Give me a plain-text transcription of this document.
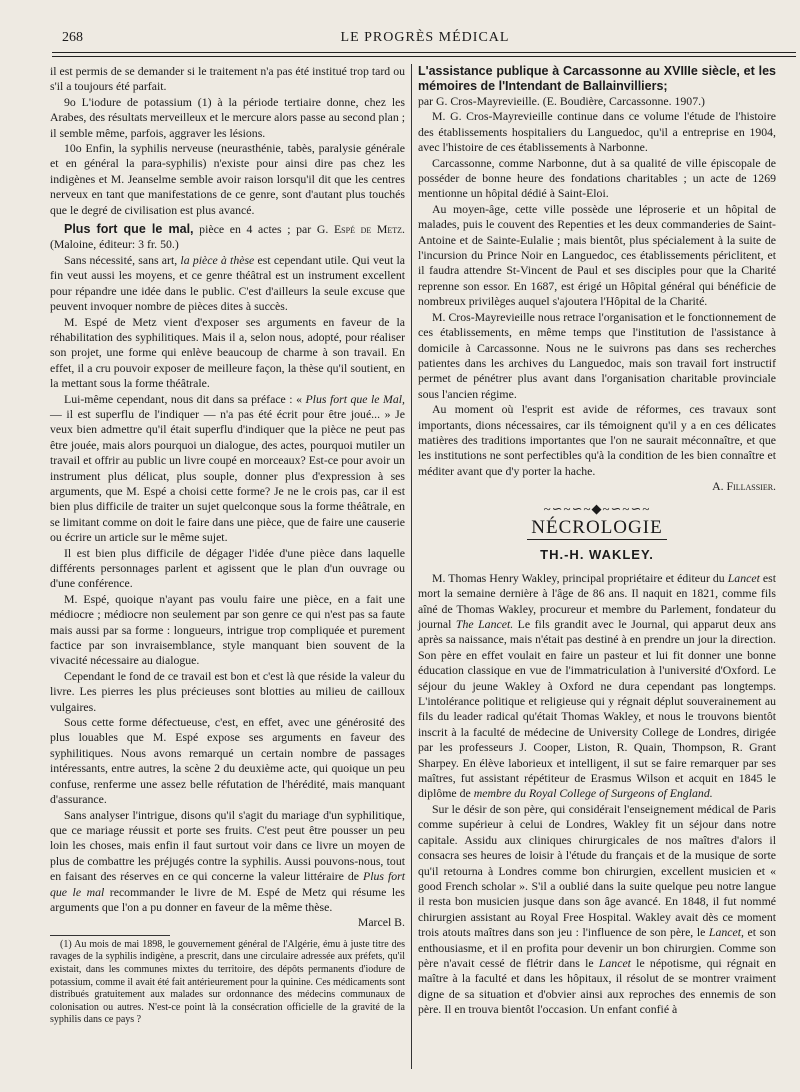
268	LE PROGRÈS MÉDICAL

il est permis de se demander si le traitement n'a pas été institué trop tard ou s'il a toujours été parfait.

9o L'iodure de potassium (1) à la période tertiaire donne, chez les Arabes, des résultats merveilleux et le mercure alors passe au second plan ; il semble même, parfois, aggraver les lésions.

10o Enfin, la syphilis nerveuse (neurasthénie, tabès, paralysie générale et en général la para-syphilis) n'existe pour ainsi dire pas chez les indigènes et M. Jeanselme semble avoir raison lorsqu'il dit que les centres nerveux en tant que manifestations de ce genre, sont d'autant plus touchés que le degré de civilisation est plus avancé.

Plus fort que le mal, pièce en 4 actes ; par G. Espé de Metz. (Maloine, éditeur: 3 fr. 50.)

Sans nécessité, sans art, la pièce à thèse est cependant utile. Qui veut la fin veut aussi les moyens, et ce genre théâtral est un instrument excellent pour répandre une idée dans le public. C'est d'ailleurs la seule excuse que peuvent invoquer nombre de pièces dites à succès.

M. Espé de Metz vient d'exposer ses arguments en faveur de la réhabilitation des syphilitiques. Mais il a, selon nous, adopté, pour réaliser son projet, une forme qui enlève beaucoup de charme à son travail. En effet, il a cru pouvoir exposer de meilleure façon, la thèse qu'il soutient, en la mettant sous la forme théâtrale.

Lui-même cependant, nous dit dans sa préface : « Plus fort que le Mal, — il est superflu de l'indiquer — n'a pas été écrit pour être joué... » Je veux bien admettre qu'il était superflu d'indiquer que la pièce ne peut pas être jouée, mais alors pourquoi un dialogue, des actes, pourquoi mutiler un travail et offrir au public un livre coupé en morceaux? Est-ce pour avoir un instrument plus délicat, plus souple, donner plus d'expression à ses arguments, que M. Espé a choisi cette forme? Je ne le crois pas, car il est bien plus difficile de traiter un sujet quelconque sous la forme théâtrale, en se limitant comme on doit le faire dans une pièce, que de faire une causerie ou écrire un article sur le même sujet.

Il est bien plus difficile de dégager l'idée d'une pièce dans laquelle différents personnages parlent et agissent que le plan d'un ouvrage ou d'une conférence.

M. Espé, quoique n'ayant pas voulu faire une pièce, en a fait une médiocre ; médiocre non seulement par son genre ce qui n'est pas sa faute mais aussi par sa forme : longueurs, intrigue trop compliquée et purement factice par son invraisemblance, style manquant bien souvent de la vivacité nécessaire au dialogue.

Cependant le fond de ce travail est bon et c'est là que réside la valeur du livre. Les pierres les plus précieuses sont blotties au milieu de cailloux vulgaires.

Sous cette forme défectueuse, c'est, en effet, avec une générosité des plus louables que M. Espé expose ses arguments en faveur des syphilitiques. Nous avons remarqué un certain nombre de passages intéressants, entre autres, la scène 2 du deuxième acte, qui quoique un peu confuse, renferme une assez belle réfutation de l'hérédité, mais manquant d'assurance.

Sans analyser l'intrigue, disons qu'il s'agit du mariage d'un syphilitique, que ce mariage réussit et porte ses fruits. C'est peut être pousser un peu loin les choses, mais enfin il faut surtout voir dans ce livre un moyen de plus de combattre les préjugés contre la syphilis. Aussi pouvons-nous, tout en faisant des réserves en ce qui concerne la valeur littéraire de Plus fort que le mal recommander le livre de M. Espé de Metz qui résume les arguments que l'on a pu donner en faveur de la même thèse.

Marcel B.

(1) Au mois de mai 1898, le gouvernement général de l'Algérie, ému à juste titre des ravages de la syphilis indigène, a prescrit, dans une circulaire adressée aux préfets, qu'il existait, dans les communes mixtes du territoire, des dépôts permanents d'iodure de potassium, comme il avait été fait antérieurement pour la quinine. Ces médicaments sont distribués gratuitement aux malades sur ordonnance des médecins communaux de colonisation ou autres. N'est-ce point là la consécration officielle de la gravité de la syphilis dans ce pays ?

L'assistance publique à Carcassonne au XVIIIe siècle, et les mémoires de l'Intendant de Ballainvilliers;

par G. Cros-Mayrevieille. (E. Boudière, Carcassonne. 1907.)

M. G. Cros-Mayrevieille continue dans ce volume l'étude de l'histoire des établissements hospitaliers du Languedoc, qu'il a entreprise en 1904, avec l'histoire de ces établissements à Narbonne.

Carcassonne, comme Narbonne, dut à sa qualité de ville épiscopale de posséder de bonne heure des fondations charitables ; un acte de 1269 mentionne un hôpital dédié à Saint-Eloi.

Au moyen-âge, cette ville possède une léproserie et un hôpital de malades, puis le couvent des Repenties et les deux commanderies de Saint-Antoine et de Sainte-Eulalie ; mais bientôt, plus spécialement à la suite de l'incursion du Prince Noir en Languedoc, ces établissements périclitent, et il faudra attendre St-Vincent de Paul et ses disciples pour que la Charité reprenne son essor. En 1687, est érigé un Hôpital général qui bénéficie de nombreux privilèges auquel s'ajoutera l'Hôpital de la Charité.

M. Cros-Mayrevieille nous retrace l'organisation et le fonctionnement de ces établissements, en même temps que l'institution de l'assistance à domicile à Carcassonne. Nous ne le suivrons pas dans ses recherches patientes dans les archives du Languedoc, mais son travail fort instructif permet de pénétrer plus avant dans l'organisation charitable provinciale sous l'ancien régime.

Au moment où l'esprit est avide de réformes, ces travaux sont importants, dions nécessaires, car ils témoignent qu'il y a en ces délicates matières des traditions importantes que l'on ne saurait méconnaître, et que les institutions ne sont perfectibles qu'à la condition de les bien connaître et méditer avant que d'y porter la hache.

A. Fillassier.

~∽~∽~◆~∽~∽~
NÉCROLOGIE
TH.-H. WAKLEY.

M. Thomas Henry Wakley, principal propriétaire et éditeur du Lancet est mort la semaine dernière à l'âge de 86 ans. Il naquit en 1821, comme fils aîné de Thomas Wakley, procureur et membre du Parlement, fondateur du journal The Lancet. Le fils grandit avec le Journal, qui apparut deux ans après sa naissance, mais n'était pas destiné à en prendre un jour la direction. Son père en effet voulait en faire un pasteur et lui fit donner une bonne éducation classique en vue de l'immatriculation à l'université d'Oxford. Le séjour du jeune Wakley à Oxford ne dura cependant pas longtemps. L'intolérance politique et religieuse qui y régnait déplut souverainement au fils du leader radical qu'était Thomas Wakley, et nous le trouvons bientôt inscrit à la faculté de médecine de University College de Londres, dirigée par les professeurs J. Cooper, Liston, R. Quain, Thompson, R. Grant Sharpey. En élève laborieux et intelligent, il sut se faire remarquer par ses maîtres, fut assistant répétiteur de Erasmus Wilson et acquit en 1845 le diplôme de membre du Royal College of Surgeons of England.

Sur le désir de son père, qui considérait l'enseignement médical de Paris comme supérieur à celui de Londres, Wakley fit un séjour dans notre capitale. Assidu aux cliniques chirurgicales de nos maîtres d'alors il consacra ses heures de loisir à l'étude du français et de la musique de sorte qu'il retourna à Londres comme bon chirurgien, excellent musicien et « good French scholar ». S'il a oublié dans la suite quelque peu notre langue il resta bon musicien jusque dans son âge avancé. En 1848, il fut nommé chirurgien assistant au Royal Free Hospital. Wakley avait dès ce moment trois atouts maîtres dans son jeu : l'influence de son père, le Lancet, et son enthousiasme, et il en profita pour devenir un bon chirurgien. Comme son père n'avait cessé de flétrir dans le Lancet le népotisme, qui régnait en maître à la faculté et dans les hôpitaux, il résolut de se montrer vraiment digne de sa situation et d'obvier ainsi aux reproches des ennemis de son père. Il en trouva bientôt l'occasion. Un enfant confié à
